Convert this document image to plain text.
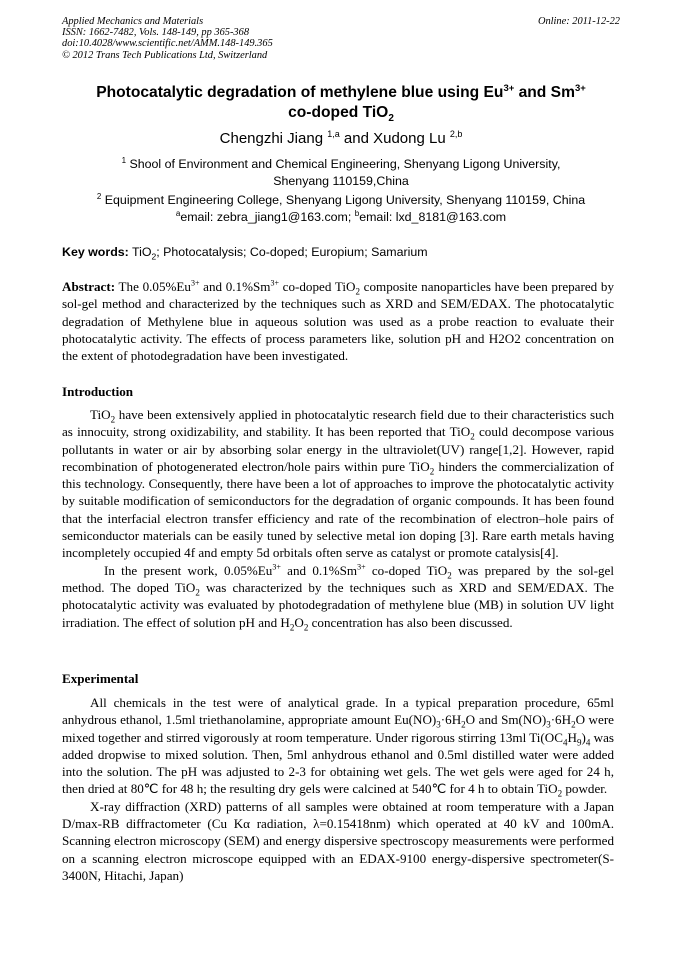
Applied Mechanics and Materials	Online: 2011-12-22
ISSN: 1662-7482, Vols. 148-149, pp 365-368
doi:10.4028/www.scientific.net/AMM.148-149.365
© 2012 Trans Tech Publications Ltd, Switzerland
Photocatalytic degradation of methylene blue using $Eu^{3+}$ and $Sm^{3+}$
co-doped TiO$_2$
Chengzhi Jiang $^{1,a}$ and Xudong Lu $^{2,b}$
$^1$ Shool of Environment and Chemical Engineering, Shenyang Ligong University, Shenyang 110159,China
$^2$ Equipment Engineering College, Shenyang Ligong University, Shenyang 110159, China
$^a$email: zebra_jiang1@163.com; $^b$email: lxd_8181@163.com
Key words: TiO$_2$; Photocatalysis; Co-doped; Europium; Samarium

Abstract: The $0.05\%Eu^{3+}$ and $0.1\%Sm^{3+}$ co-doped TiO$_2$ composite nanoparticles have been prepared by sol-gel method and characterized by the techniques such as XRD and SEM/EDAX. The photocatalytic degradation of Methylene blue in aqueous solution was used as a probe reaction to evaluate their photocatalytic activity. The effects of process parameters like, solution pH and H2O2 concentration on the extent of photodegradation have been investigated.

Introduction

TiO$_2$ have been extensively applied in photocatalytic research field due to their characteristics such as innocuity, strong oxidizability, and stability. It has been reported that TiO$_2$ could decompose various pollutants in water or air by absorbing solar energy in the ultraviolet(UV) range[1,2]. However, rapid recombination of photogenerated electron/hole pairs within pure TiO$_2$ hinders the commercialization of this technology. Consequently, there have been a lot of approaches to improve the photocatalytic activity by suitable modification of semiconductors for the degradation of organic compounds. It has been found that the interfacial electron transfer efficiency and rate of the recombination of electron–hole pairs of semiconductor materials can be easily tuned by selective metal ion doping [3]. Rare earth metals having incompletely occupied 4f and empty 5d orbitals often serve as catalyst or promote catalysis[4].

In the present work, $0.05\%Eu^{3+}$ and $0.1\%Sm^{3+}$ co-doped TiO$_2$ was prepared by the sol-gel method. The doped TiO$_2$ was characterized by the techniques such as XRD and SEM/EDAX. The photocatalytic activity was evaluated by photodegradation of methylene blue (MB) in solution UV light irradiation. The effect of solution pH and $H_2O_2$ concentration has also been discussed.

Experimental

All chemicals in the test were of analytical grade. In a typical preparation procedure, 65ml anhydrous ethanol, 1.5ml triethanolamine, appropriate amount $Eu(NO)_3\cdot 6H_2O$ and $Sm(NO)_3\cdot 6H_2O$ were mixed together and stirred vigorously at room temperature. Under rigorous stirring 13ml $Ti(OC_4H_9)_4$ was added dropwise to mixed solution. Then, 5ml anhydrous ethanol and 0.5ml distilled water were added into the solution. The pH was adjusted to 2-3 for obtaining wet gels. The wet gels were aged for 24 h, then dried at 80℃ for 48 h; the resulting dry gels were calcined at 540℃ for 4 h to obtain TiO$_2$ powder.

X-ray diffraction (XRD) patterns of all samples were obtained at room temperature with a Japan D/max-RB diffractometer (Cu Kα radiation, λ=0.15418nm) which operated at 40 kV and 100mA. Scanning electron microscopy (SEM) and energy dispersive spectroscopy measurements were performed on a scanning electron microscope equipped with an EDAX-9100 energy-dispersive spectrometer(S-3400N, Hitachi, Japan)
